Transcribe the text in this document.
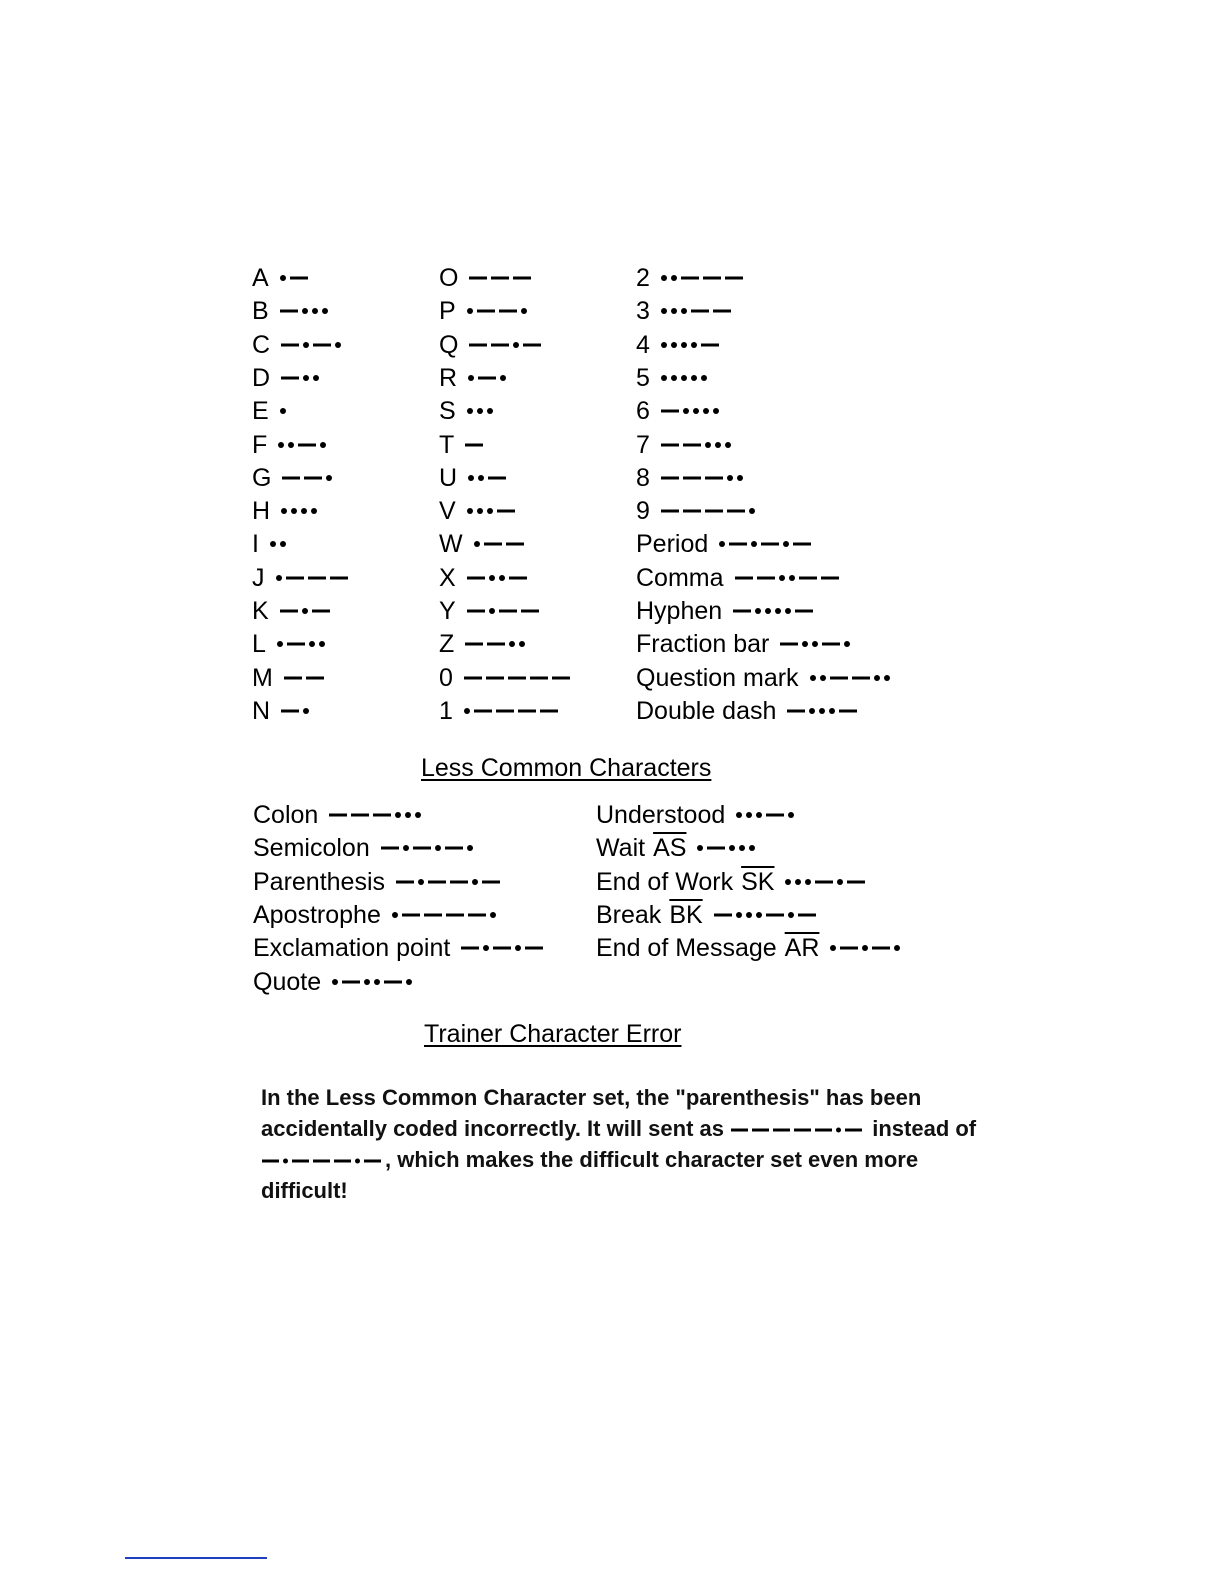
Less Common Characters
Trainer Character Error
In the Less Common Character set, the "parenthesis" has been accidentally coded incorrectly. It will sent as	instead of , which makes the difficult character set even more difficult!
A
B
C
D
E
F
G
H
I
J
K
L
M
N
O
P
Q
R
S
T
U
V
W
X
Y
Z
0
1
2
3
4
5
6
7
8
9
Period
Comma
Hyphen
Fraction bar
Question mark
Double dash
Colon
Semicolon
Parenthesis
Apostrophe
Exclamation point
Quote
Understood
Wait $\overline{AS}$
End of Work $\overline{SK}$
Break $\overline{BK}$
End of Message $\overline{AR}$
